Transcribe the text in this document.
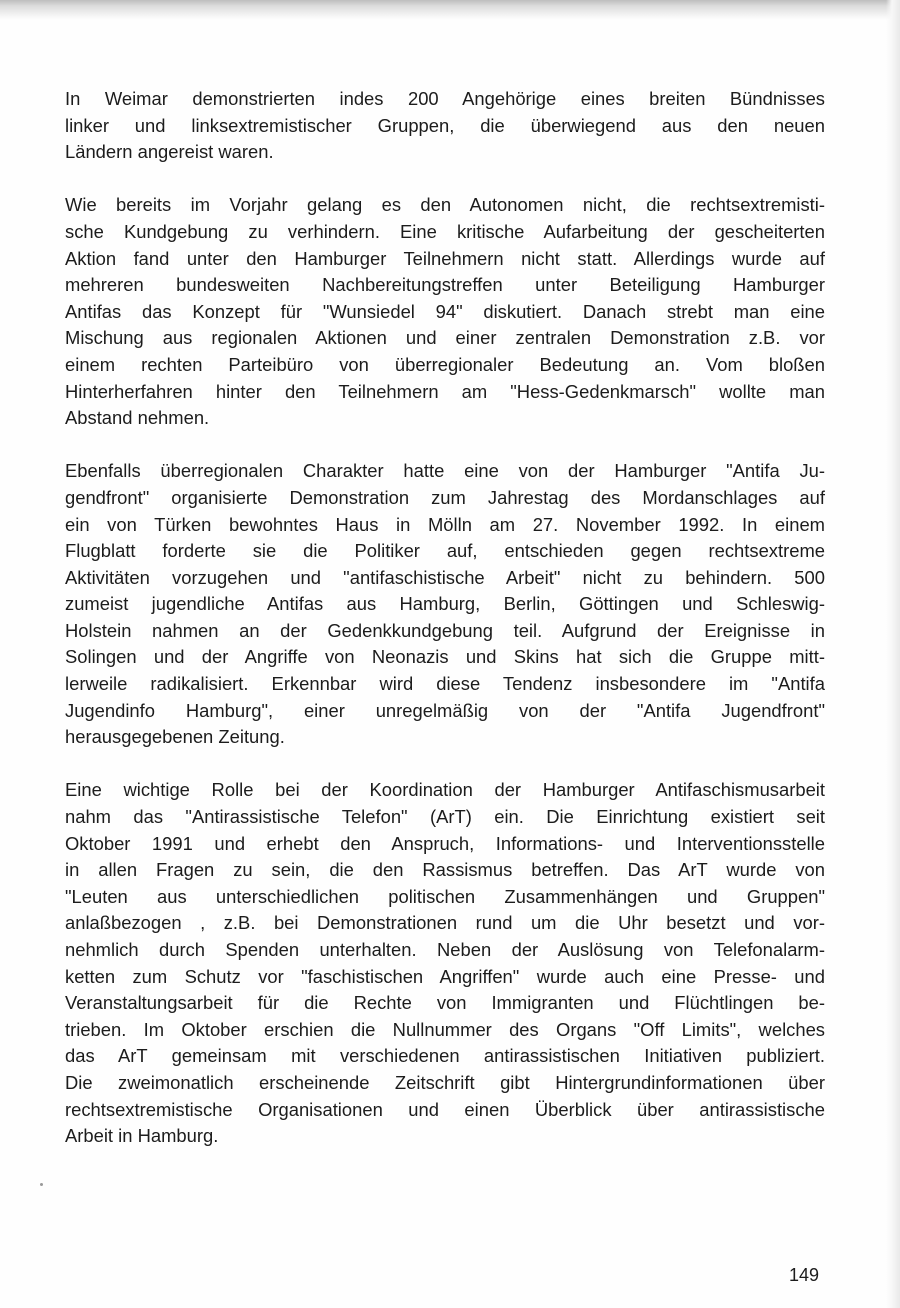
In Weimar demonstrierten indes 200 Angehörige eines breiten Bündnisses
linker und linksextremistischer Gruppen, die überwiegend aus den neuen
Ländern angereist waren.

Wie bereits im Vorjahr gelang es den Autonomen nicht, die rechtsextremisti-
sche Kundgebung zu verhindern. Eine kritische Aufarbeitung der gescheiterten
Aktion fand unter den Hamburger Teilnehmern nicht statt. Allerdings wurde auf
mehreren bundesweiten Nachbereitungstreffen unter Beteiligung Hamburger
Antifas das Konzept für "Wunsiedel 94" diskutiert. Danach strebt man eine
Mischung aus regionalen Aktionen und einer zentralen Demonstration z.B. vor
einem rechten Parteibüro von überregionaler Bedeutung an. Vom bloßen
Hinterherfahren hinter den Teilnehmern am "Hess-Gedenkmarsch" wollte man
Abstand nehmen.

Ebenfalls überregionalen Charakter hatte eine von der Hamburger "Antifa Ju-
gendfront" organisierte Demonstration zum Jahrestag des Mordanschlages auf
ein von Türken bewohntes Haus in Mölln am 27. November 1992. In einem
Flugblatt forderte sie die Politiker auf, entschieden gegen rechtsextreme
Aktivitäten vorzugehen und "antifaschistische Arbeit" nicht zu behindern. 500
zumeist jugendliche Antifas aus Hamburg, Berlin, Göttingen und Schleswig-
Holstein nahmen an der Gedenkkundgebung teil. Aufgrund der Ereignisse in
Solingen und der Angriffe von Neonazis und Skins hat sich die Gruppe mitt-
lerweile radikalisiert. Erkennbar wird diese Tendenz insbesondere im "Antifa
Jugendinfo Hamburg", einer unregelmäßig von der "Antifa Jugendfront"
herausgegebenen Zeitung.

Eine wichtige Rolle bei der Koordination der Hamburger Antifaschismusarbeit
nahm das "Antirassistische Telefon" (ArT) ein. Die Einrichtung existiert seit
Oktober 1991 und erhebt den Anspruch, Informations- und Interventionsstelle
in allen Fragen zu sein, die den Rassismus betreffen. Das ArT wurde von
"Leuten aus unterschiedlichen politischen Zusammenhängen und Gruppen"
anlaßbezogen , z.B. bei Demonstrationen rund um die Uhr besetzt und vor-
nehmlich durch Spenden unterhalten. Neben der Auslösung von Telefonalarm-
ketten zum Schutz vor "faschistischen Angriffen" wurde auch eine Presse- und
Veranstaltungsarbeit für die Rechte von Immigranten und Flüchtlingen be-
trieben. Im Oktober erschien die Nullnummer des Organs "Off Limits", welches
das ArT gemeinsam mit verschiedenen antirassistischen Initiativen publiziert.
Die zweimonatlich erscheinende Zeitschrift gibt Hintergrundinformationen über
rechtsextremistische Organisationen und einen Überblick über antirassistische
Arbeit in Hamburg.

149
